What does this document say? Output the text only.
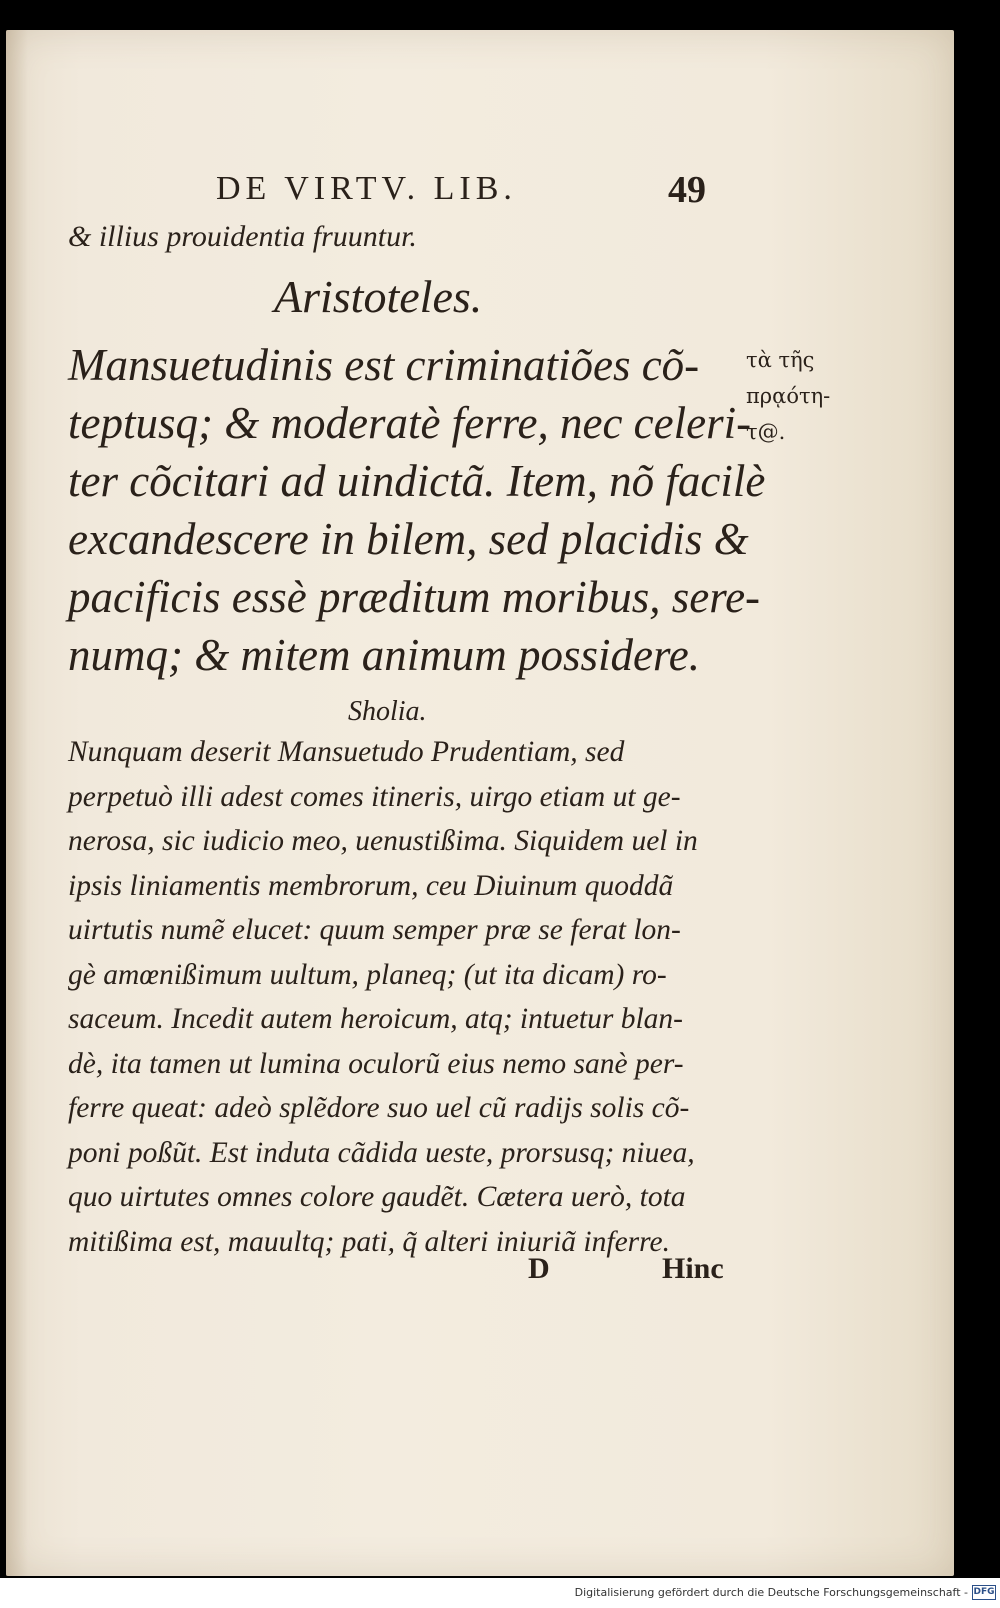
DE VIRTV. LIB.	49
& illius prouidentia fruuntur.
Aristoteles.
Mansuetudinis est criminatiões cõ-
teptusq; & moderatè ferre, nec celeri-
ter cõcitari ad uindictã. Item, nõ facilè
excandescere in bilem, sed placidis &
pacificis essè præditum moribus, sere-
numq; & mitem animum possidere.
τὰ τῆς
πρᾳότη-
τ@.
Sholia.
Nunquam deserit Mansuetudo Prudentiam, sed
perpetuò illi adest comes itineris, uirgo etiam ut ge-
nerosa, sic iudicio meo, uenustißima. Siquidem uel in
ipsis liniamentis membrorum, ceu Diuinum quoddã
uirtutis numẽ elucet: quum semper præ se ferat lon-
gè amœnißimum uultum, planeq; (ut ita dicam) ro-
saceum. Incedit autem heroicum, atq; intuetur blan-
dè, ita tamen ut lumina oculorũ eius nemo sanè per-
ferre queat: adeò splẽdore suo uel cũ radijs solis cõ-
poni poßũt. Est induta cãdida ueste, prorsusq; niuea,
quo uirtutes omnes colore gaudẽt. Cætera uerò, tota
mitißima est, mauultq; pati, q̃ alteri iniuriã inferre.
D	Hinc
Digitalisierung gefördert durch die Deutsche Forschungsgemeinschaft - DFG
